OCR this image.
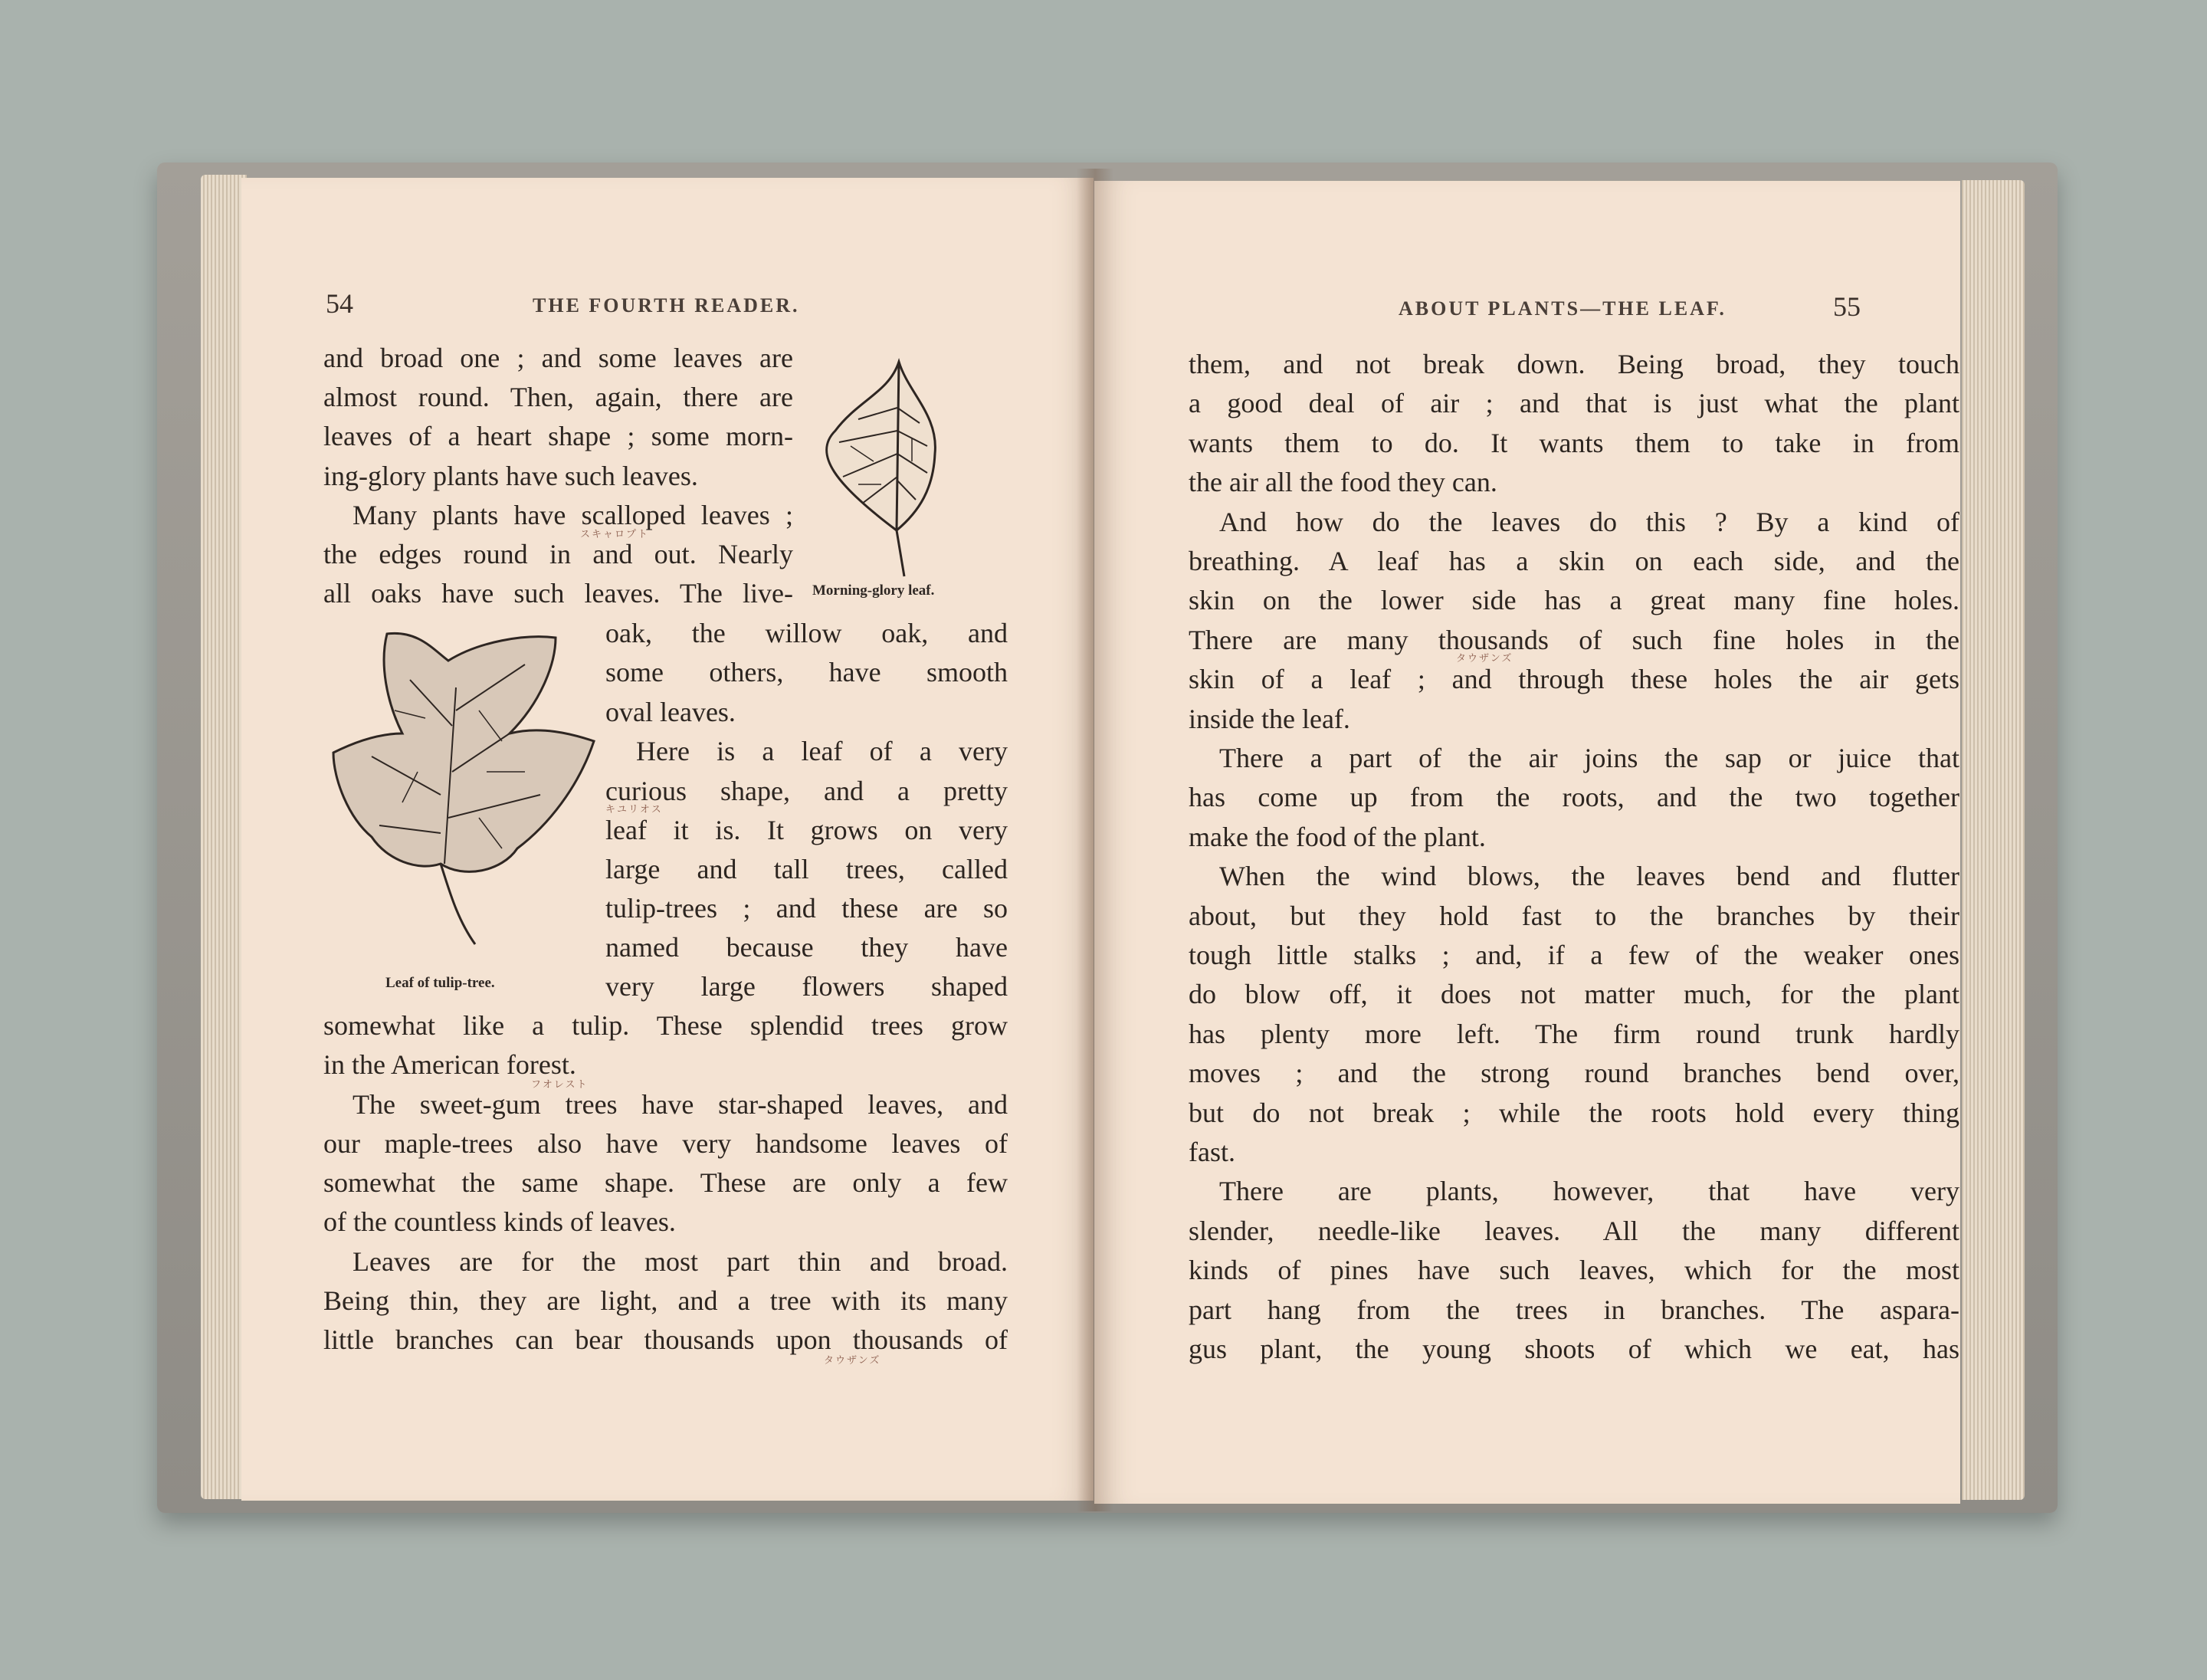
54	THE FOURTH READER.
and broad one ; and some leaves are
almost round. Then, again, there are
leaves of a heart shape ; some morn-
ing-glory plants have such leaves.
Many plants have scalloped leaves ;
スキャロプト
the edges round in and out. Nearly
all oaks have such leaves. The live- Morning-glory leaf.
Leaf of tulip-tree.
oak, the willow oak, and
some others, have smooth
oval leaves.
Here is a leaf of a very
curious shape, and a pretty
キユリオス
leaf it is. It grows on very
large and tall trees, called
tulip-trees ; and these are so
named because they have
very large flowers shaped
somewhat like a tulip. These splendid trees grow
in the American forest.
フオレスト
The sweet-gum trees have star-shaped leaves, and
our maple-trees also have very handsome leaves of
somewhat the same shape. These are only a few
of the countless kinds of leaves.
Leaves are for the most part thin and broad.
Being thin, they are light, and a tree with its many
little branches can bear thousands upon thousands of
タウザンズ
ABOUT PLANTS—THE LEAF.	55
them, and not break down. Being broad, they touch
a good deal of air ; and that is just what the plant
wants them to do. It wants them to take in from
the air all the food they can.
And how do the leaves do this ? By a kind of
breathing. A leaf has a skin on each side, and the
skin on the lower side has a great many fine holes.
There are many thousands of such fine holes in the
skin of a leaf ; and through these holes the air gets
inside the leaf.
There a part of the air joins the sap or juice that
has come up from the roots, and the two together
make the food of the plant.
When the wind blows, the leaves bend and flutter
about, but they hold fast to the branches by their
tough little stalks ; and, if a few of the weaker ones
do blow off, it does not matter much, for the plant
has plenty more left. The firm round trunk hardly
moves ; and the strong round branches bend over,
but do not break ; while the roots hold every thing
fast.
There are plants, however, that have very
slender, needle-like leaves. All the many different
kinds of pines have such leaves, which for the most
part hang from the trees in branches. The aspara-
gus plant, the young shoots of which we eat, has
タウザンズ
